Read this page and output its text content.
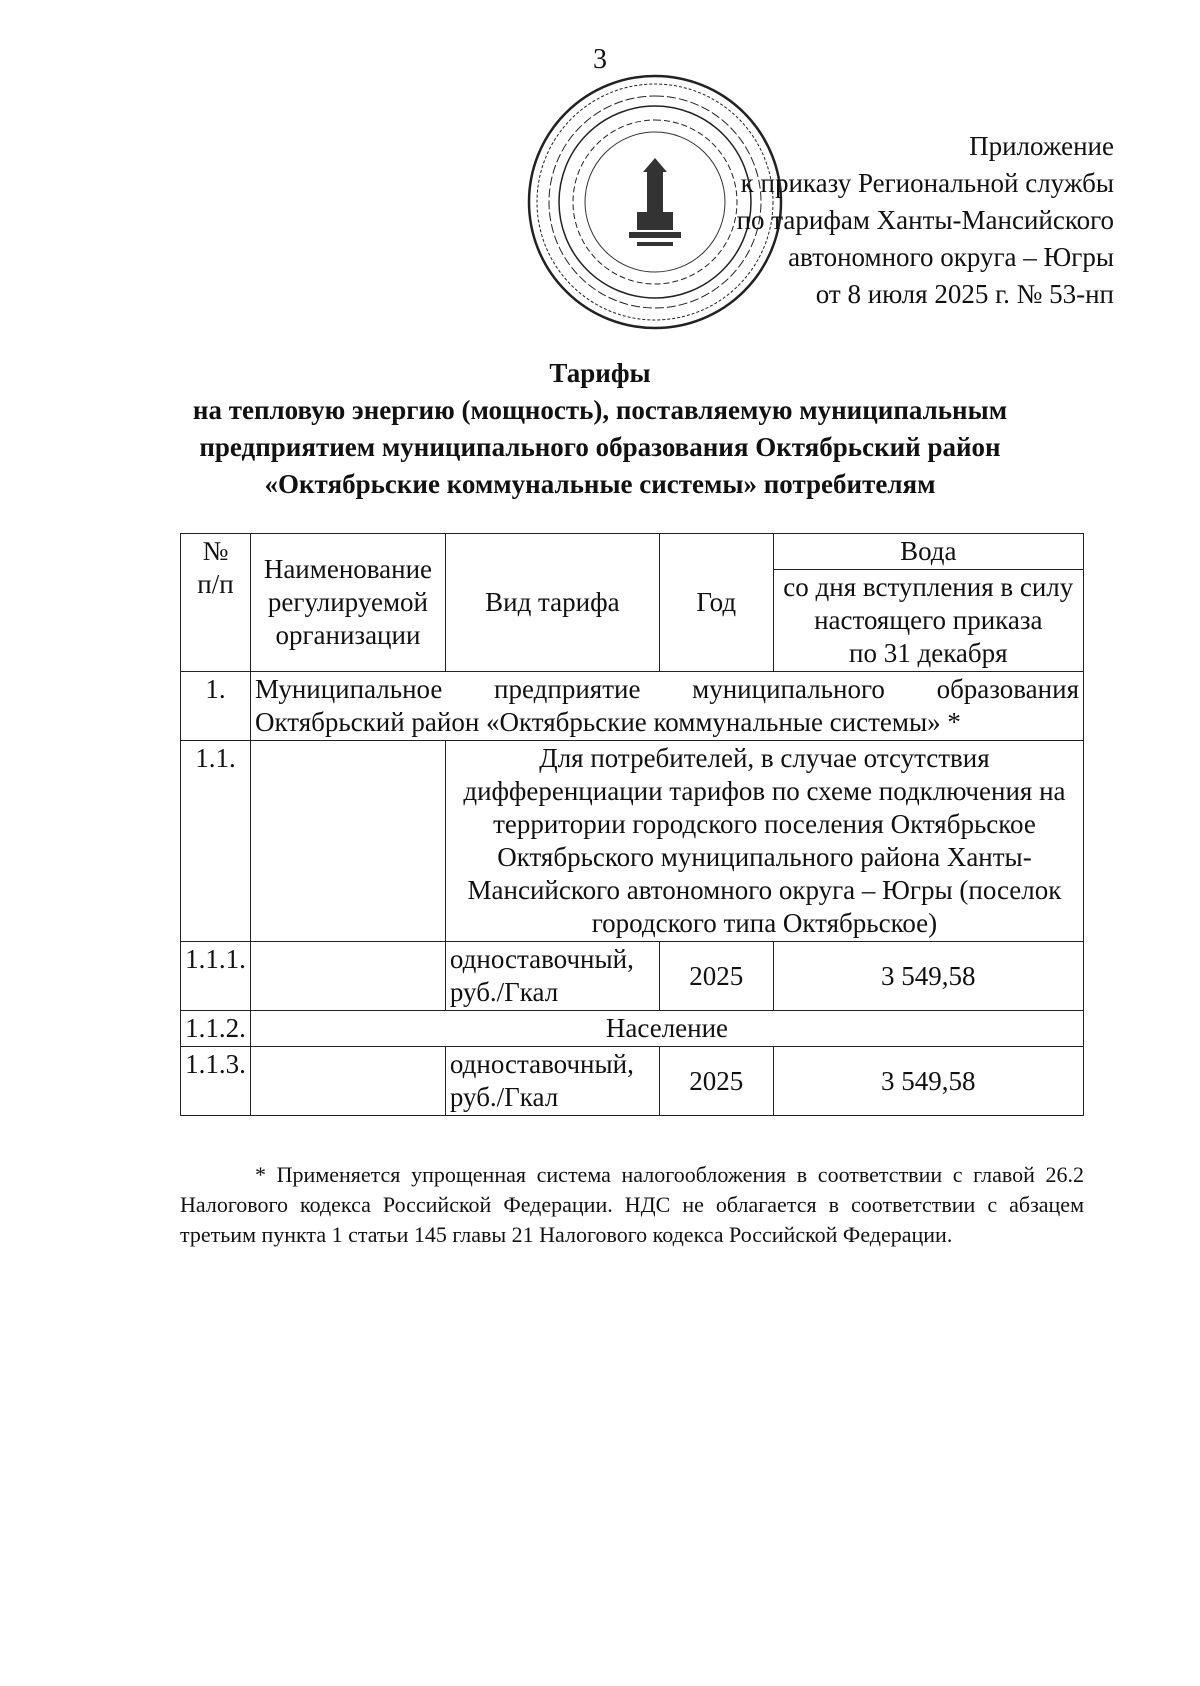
3
Приложение
к приказу Региональной службы
по тарифам Ханты-Мансийского
автономного округа – Югры
от 8 июля 2025 г. № 53-нп
Тарифы
на тепловую энергию (мощность), поставляемую муниципальным
предприятием муниципального образования Октябрьский район
«Октябрьские коммунальные системы» потребителям
№
п/п	Наименование регулируемой организации	Вид тарифа	Год	Вода
				со дня вступления в силу настоящего приказа
по 31 декабря
1.	Муниципальное предприятие муниципального образования Октябрьский район «Октябрьские коммунальные системы» *			
1.1.		Для потребителей, в случае отсутствия дифференциации тарифов по схеме подключения на территории городского поселения Октябрьское Октябрьского муниципального района Ханты-Мансийского автономного округа – Югры (поселок городского типа Октябрьское)		
1.1.1.		одноставочный, руб./Гкал	2025	3 549,58
1.1.2.	Население			
1.1.3.		одноставочный, руб./Гкал	2025	3 549,58
* Применяется упрощенная система налогообложения в соответствии с главой 26.2 Налогового кодекса Российской Федерации. НДС не облагается в соответствии с абзацем третьим пункта 1 статьи 145 главы 21 Налогового кодекса Российской Федерации.
